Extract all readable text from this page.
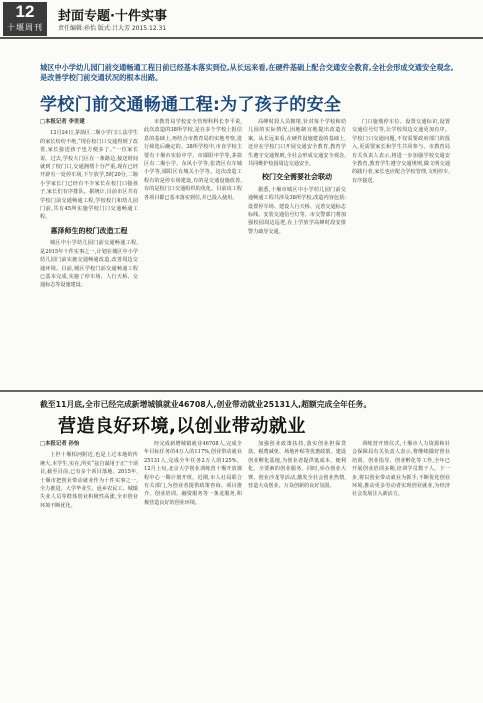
12
十堰周刊
封面专题·十件实事
责任编辑:孙怡 版式:吕大芳 2015.12.31
城区中小学幼儿园门前交通畅通工程日前已经基本落实到位,从长远来看,在硬件基础上配合交通安全教育,全社会形成交通安全观念,是改善学校门前交通状况的根本出路。
学校门前交通畅通工程:为了孩子的安全
□本报记者 李世建

12月24日,茅箭区二堰小学门口,法学生的家长纷纷不绝,“现在校门口交通得到了改善,家长接送孩子也方便多了。”一位家长说。过去,学校大门区在一条路边,接送时间就到了校门口,交通拥堵十分严重,现在已经开辟有一处停车场,下午放学,5时20分,二堰小学家长门已经有不少家长在校门口接孩子,家长们有序排队。据统计,目前市区共有学校门前交通畅通工程,学校校门和幼儿园门前,共有45所实施学校门口交通畅通工程。

惠泽师生的校门改造工程

城区中小学幼儿园门前交通畅通工程,是2015年十件实事之一,计划在城区中小学幼儿园门前实施交通畅通改造,改善周边交通环境。目前,城区学校门前交通畅通工程已基本完成,实施了停车场、人行天桥、交通标志等设施建设。

市教育局学校安全管理科科长李平说,此次改造的38所学校,是在多个学校上报信息的基础上,再结合市教育局的实地考察,进行筛选后确定的。38所学校中,市直学校主要有十堰市实验中学、市郧阳中学等,茅箭区有二堰小学、东风小学等,张湾区有车城小学等,郧阳区有城关小学等。这次改造工程有的是停车场建设,有的是交通设施改善,有的是校门口交通组织的优化。目前该工程各项目都已基本落实到位,并已投入使用。

高峰时段人员拥堵,针对每个学校和幼儿园的实际情况,因地制宜地提出改造方案。从长远来看,在硬件设施建设的基础上,还应在学校门口开展交通安全教育,教育学生遵守交通规则,全社会形成交通安全观念,共同维护校园周边交通安全。

校门交全需要社会联动

据悉,十堰市城区中小学幼儿园门前交通畅通工程共涉及38所学校,改造内容包括:设置停车场、建设人行天桥、完善交通标志标线、安装交通信号灯等。市交警部门将加强校园周边巡逻,在上学放学高峰时段安排警力疏导交通。

门口施划停车位、设置交通标识,设置交通信号灯等,让学校周边交通更加有序。学校门口交通问题,不仅需要政府部门的投入,更需要家长和学生共同参与。市教育局有关负责人表示,将进一步加强学校交通安全教育,教育学生遵守交通规则,做文明交通的践行者,家长也应配合学校管理,文明停车,有序接送。

截至11月底,全市已经完成新增城镇就业46708人,创业带动就业25131人,超额完成全年任务。
营造良好环境,以创业带动就业
□本报记者 孙怡

上世十堰柏河附近,也是上过末地的传统大,本学生,实在,所实“兹自谋用于正”个项目,截至目前,已有多个项目落地。2015年,十堰市把创业带动就业作为十件实事之一,全力推进。大学毕业生、返乡农民工、城镇失业人员等群体创业积极性高涨,全市创业环境不断优化。

经完成新增城镇就业46708人,完成全年目标任务的4万人的117%,创业带动就业25131人,完成全年任务2万人的125%。12月上旬,北京大学创业训练营十堰开放课程中心一期计划开班。近期,市人社局联合有关部门,为创业者提供政策咨询、项目推介、创业培训、融资服务等一条龙服务,积极营造良好的创业环境。

加强创业政策扶持,落实创业担保贷款、税费减免、场地补贴等优惠政策。建设创业孵化基地,为创业者提供低成本、便利化、全要素的创业服务。同时,举办创业大赛、创业沙龙等活动,激发全社会创业热情,营造大众创业、万众创新的良好氛围。

训练营开班仪式,十堰市人力资源和社会保障局有关负责人表示,将继续做好创业培训、创业指导、创业孵化等工作,全年已开展创业培训多期,培训学员数千人。下一步,将以创业带动就业为抓手,不断优化创业环境,推动更多劳动者实现创业就业,为经济社会发展注入新活力。
